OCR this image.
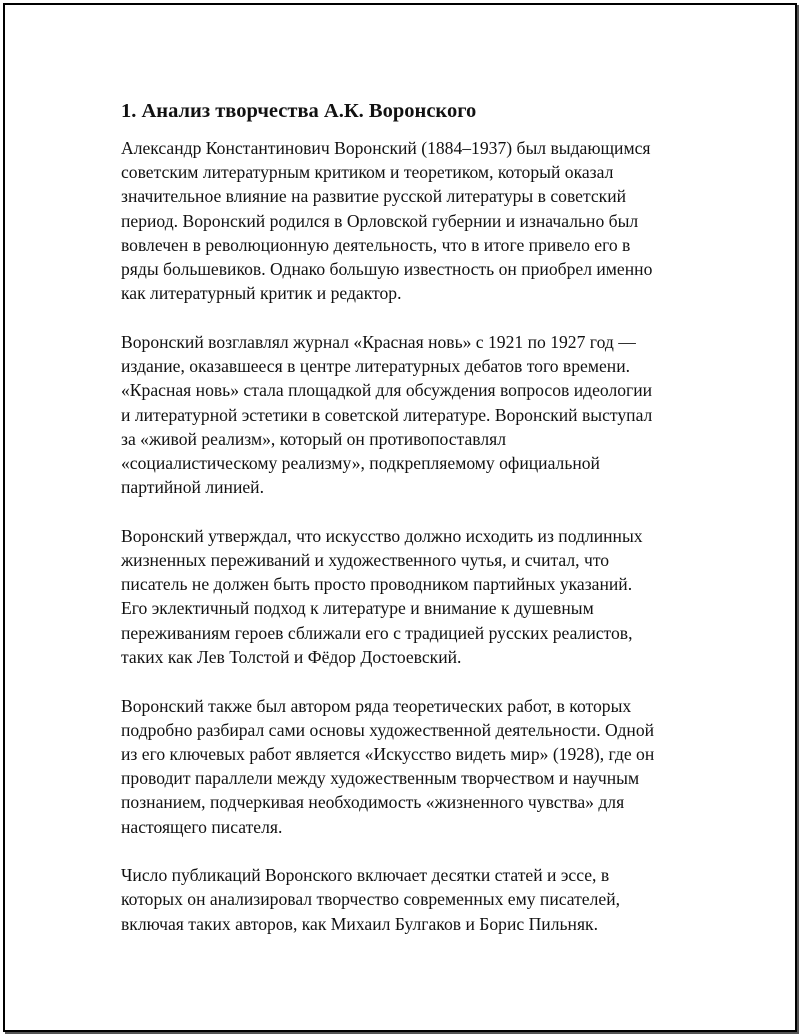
1. Анализ творчества А.К. Воронского

Александр Константинович Воронский (1884–1937) был выдающимся
советским литературным критиком и теоретиком, который оказал
значительное влияние на развитие русской литературы в советский
период. Воронский родился в Орловской губернии и изначально был
вовлечен в революционную деятельность, что в итоге привело его в
ряды большевиков. Однако большую известность он приобрел именно
как литературный критик и редактор.

Воронский возглавлял журнал «Красная новь» с 1921 по 1927 год —
издание, оказавшееся в центре литературных дебатов того времени.
«Красная новь» стала площадкой для обсуждения вопросов идеологии
и литературной эстетики в советской литературе. Воронский выступал
за «живой реализм», который он противопоставлял
«социалистическому реализму», подкрепляемому официальной
партийной линией.

Воронский утверждал, что искусство должно исходить из подлинных
жизненных переживаний и художественного чутья, и считал, что
писатель не должен быть просто проводником партийных указаний.
Его эклектичный подход к литературе и внимание к душевным
переживаниям героев сближали его с традицией русских реалистов,
таких как Лев Толстой и Фёдор Достоевский.

Воронский также был автором ряда теоретических работ, в которых
подробно разбирал сами основы художественной деятельности. Одной
из его ключевых работ является «Искусство видеть мир» (1928), где он
проводит параллели между художественным творчеством и научным
познанием, подчеркивая необходимость «жизненного чувства» для
настоящего писателя.

Число публикаций Воронского включает десятки статей и эссе, в
которых он анализировал творчество современных ему писателей,
включая таких авторов, как Михаил Булгаков и Борис Пильняк.
